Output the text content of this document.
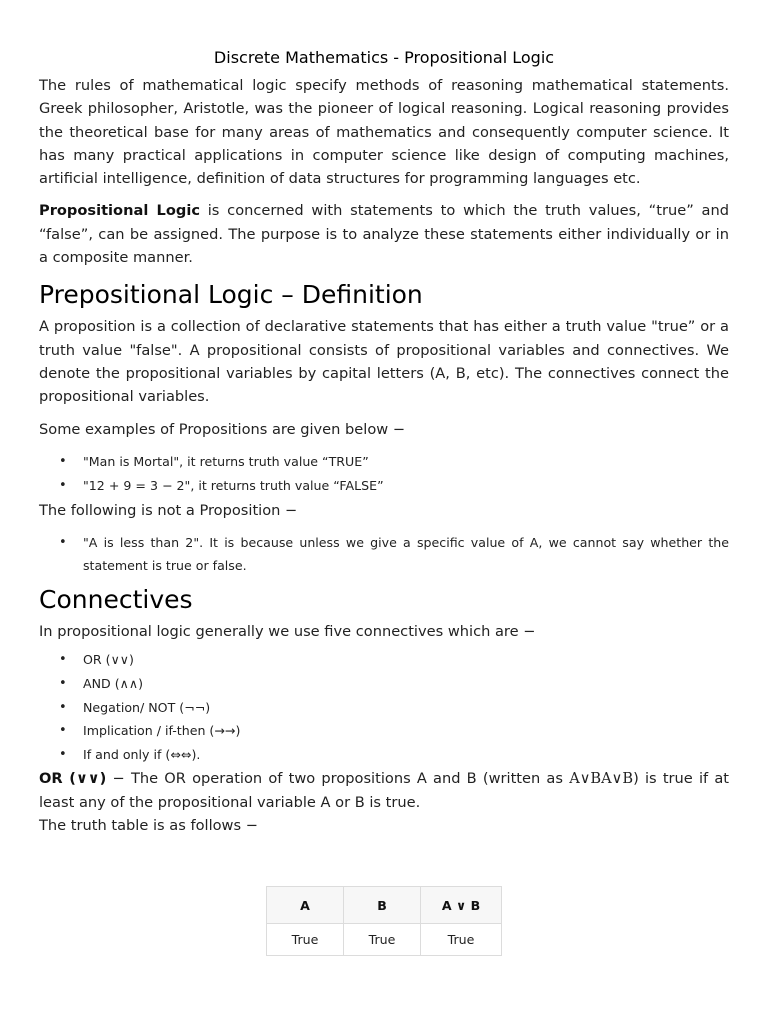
Discrete Mathematics - Propositional Logic

The rules of mathematical logic specify methods of reasoning mathematical statements. Greek philosopher, Aristotle, was the pioneer of logical reasoning. Logical reasoning provides the theoretical base for many areas of mathematics and consequently computer science. It has many practical applications in computer science like design of computing machines, artificial intelligence, definition of data structures for programming languages etc.

Propositional Logic is concerned with statements to which the truth values, “true” and “false”, can be assigned. The purpose is to analyze these statements either individually or in a composite manner.

Prepositional Logic – Definition

A proposition is a collection of declarative statements that has either a truth value "true” or a truth value "false". A propositional consists of propositional variables and connectives. We denote the propositional variables by capital letters (A, B, etc). The connectives connect the propositional variables.

Some examples of Propositions are given below −

• "Man is Mortal", it returns truth value “TRUE”
• "12 + 9 = 3 − 2", it returns truth value “FALSE”

The following is not a Proposition −

• "A is less than 2". It is because unless we give a specific value of A, we cannot say whether the statement is true or false.
Connectives

In propositional logic generally we use five connectives which are −

• OR (∨∨)
• AND (∧∧)
• Negation/ NOT (¬¬)
• Implication / if-then (→→)
• If and only if (⇔⇔).

OR (∨∨) − The OR operation of two propositions A and B (written as A∨BA∨B) is true if at least any of the propositional variable A or B is true.

The truth table is as follows −

A	B	A ∨ B
True	True	True
